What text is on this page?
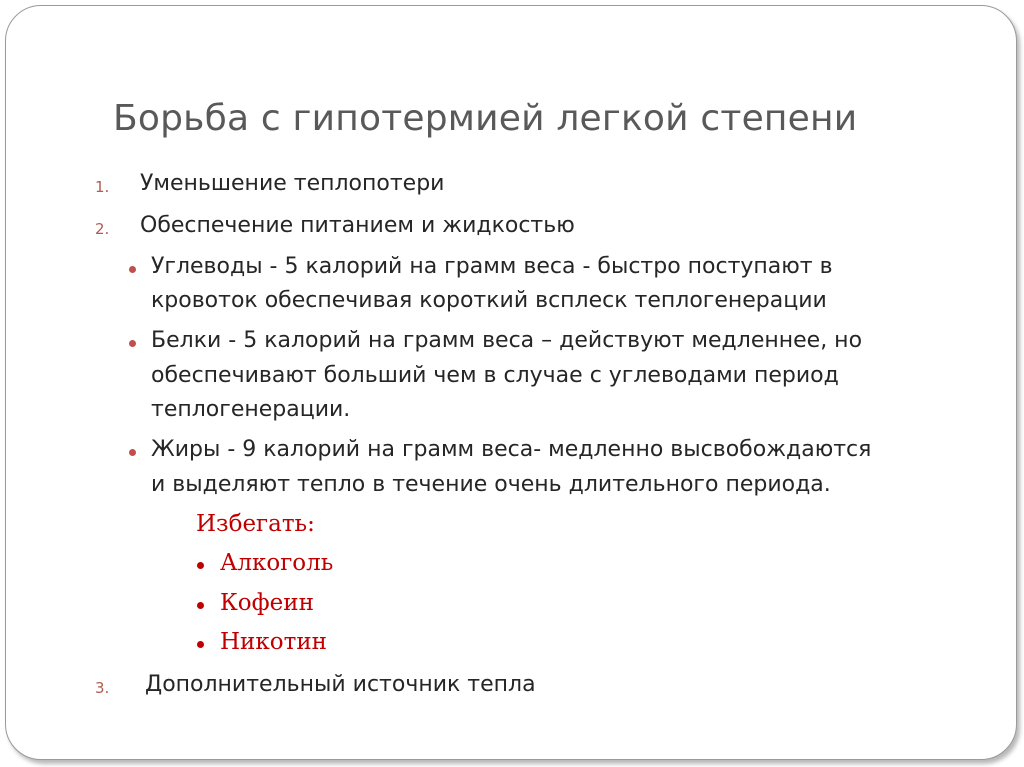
Борьба с гипотермией легкой степени
1. Уменьшение теплопотери
2. Обеспечение питанием и жидкостью
Углеводы - 5 калорий на грамм веса - быстро поступают в
кровоток обеспечивая короткий всплеск теплогенерации
Белки - 5 калорий на грамм веса – действуют медленнее, но
обеспечивают больший чем в случае с углеводами период
теплогенерации.
Жиры - 9 калорий на грамм веса- медленно высвобождаются
и выделяют тепло в течение очень длительного периода.
Избегать:
Алкоголь
Кофеин
Никотин
3. Дополнительный источник тепла
